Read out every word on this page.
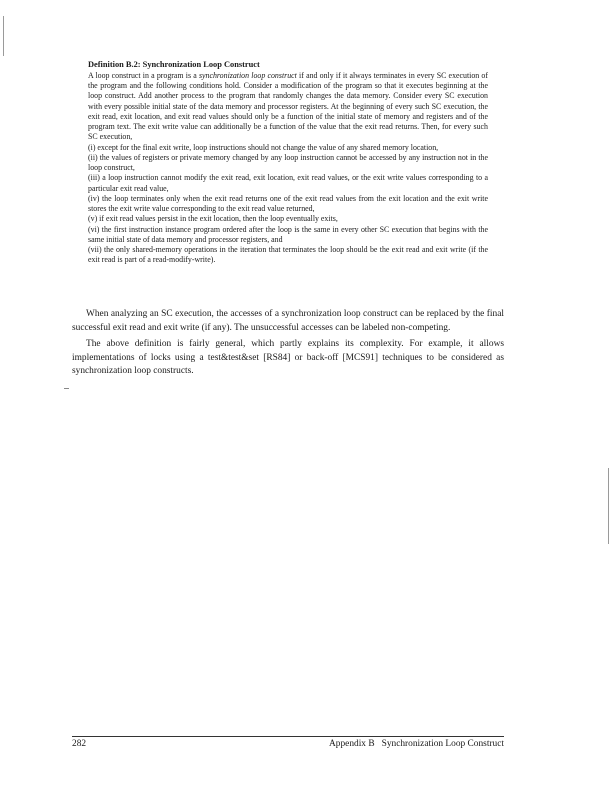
Definition B.2: Synchronization Loop Construct
A loop construct in a program is a synchronization loop construct if and only if it always terminates in every SC execution of the program and the following conditions hold. Consider a modification of the program so that it executes beginning at the loop construct. Add another process to the program that randomly changes the data memory. Consider every SC execution with every possible initial state of the data memory and processor registers. At the beginning of every such SC execution, the exit read, exit location, and exit read values should only be a function of the initial state of memory and registers and of the program text. The exit write value can additionally be a function of the value that the exit read returns. Then, for every such SC execution,
(i) except for the final exit write, loop instructions should not change the value of any shared memory location,
(ii) the values of registers or private memory changed by any loop instruction cannot be accessed by any instruction not in the loop construct,
(iii) a loop instruction cannot modify the exit read, exit location, exit read values, or the exit write values corresponding to a particular exit read value,
(iv) the loop terminates only when the exit read returns one of the exit read values from the exit location and the exit write stores the exit write value corresponding to the exit read value returned,
(v) if exit read values persist in the exit location, then the loop eventually exits,
(vi) the first instruction instance program ordered after the loop is the same in every other SC execution that begins with the same initial state of data memory and processor registers, and
(vii) the only shared-memory operations in the iteration that terminates the loop should be the exit read and exit write (if the exit read is part of a read-modify-write).

When analyzing an SC execution, the accesses of a synchronization loop construct can be replaced by the final successful exit read and exit write (if any). The unsuccessful accesses can be labeled non-competing.

The above definition is fairly general, which partly explains its complexity. For example, it allows implementations of locks using a test&test&set [RS84] or back-off [MCS91] techniques to be considered as synchronization loop constructs.

282	Appendix B   Synchronization Loop Construct
